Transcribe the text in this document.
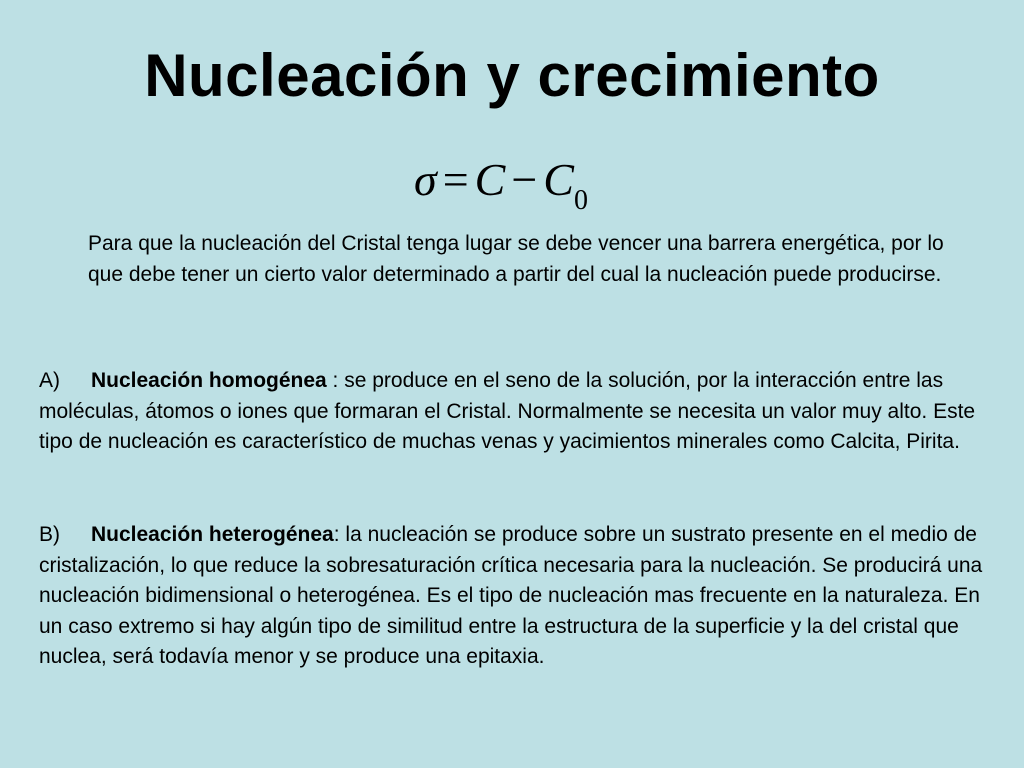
Nucleación y crecimiento
$\sigma = C - C_0$

Para que la nucleación del Cristal tenga lugar se debe vencer una barrera energética, por lo que debe tener un cierto valor determinado a partir del cual la nucleación puede producirse.

A) Nucleación homogénea : se produce en el seno de la solución, por la interacción entre las moléculas, átomos o iones que formaran el Cristal. Normalmente se necesita un valor muy alto. Este tipo de nucleación es característico de muchas venas y yacimientos minerales como Calcita, Pirita.

B) Nucleación heterogénea: la nucleación se produce sobre un sustrato presente en el medio de cristalización, lo que reduce la sobresaturación crítica necesaria para la nucleación. Se producirá una nucleación bidimensional o heterogénea. Es el tipo de nucleación mas frecuente en la naturaleza. En un caso extremo si hay algún tipo de similitud entre la estructura de la superficie y la del cristal que nuclea, será todavía menor y se produce una epitaxia.
